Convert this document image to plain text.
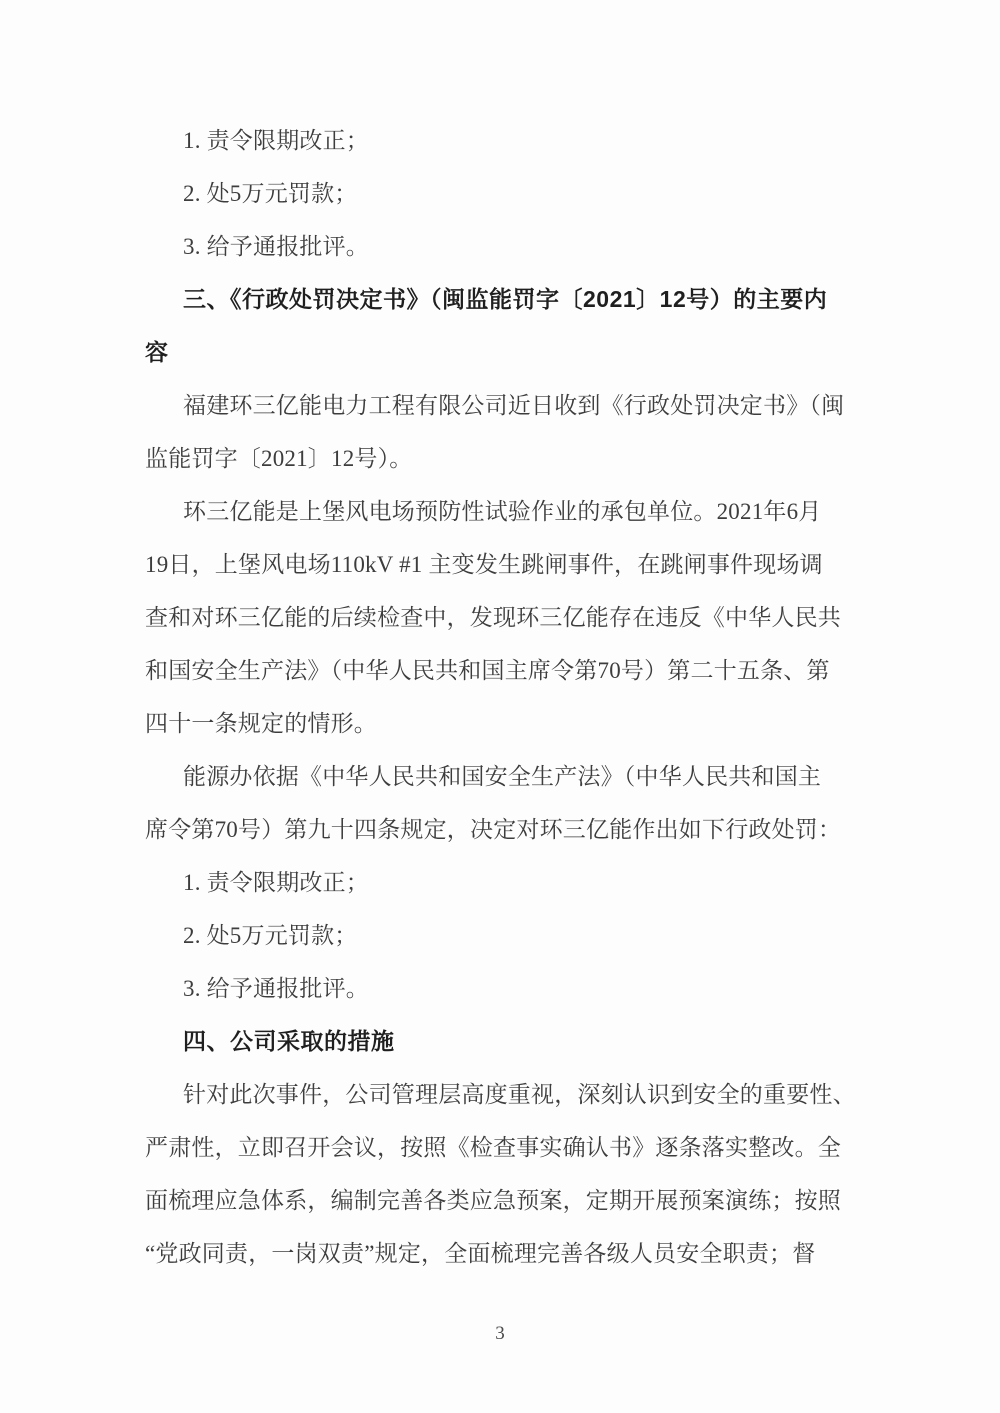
1. 责令限期改正；
2. 处5万元罚款；
3. 给予通报批评。
三、《行政处罚决定书》（闽监能罚字〔2021〕12号）的主要内
容
福建环三亿能电力工程有限公司近日收到《行政处罚决定书》（闽
监能罚字〔2021〕12号）。
环三亿能是上堡风电场预防性试验作业的承包单位。2021年6月
19日，上堡风电场110kV #1 主变发生跳闸事件，在跳闸事件现场调
查和对环三亿能的后续检查中，发现环三亿能存在违反《中华人民共
和国安全生产法》（中华人民共和国主席令第70号）第二十五条、第
四十一条规定的情形。
能源办依据《中华人民共和国安全生产法》（中华人民共和国主
席令第70号）第九十四条规定，决定对环三亿能作出如下行政处罚：
1. 责令限期改正；
2. 处5万元罚款；
3. 给予通报批评。
四、公司采取的措施
针对此次事件，公司管理层高度重视，深刻认识到安全的重要性、
严肃性，立即召开会议，按照《检查事实确认书》逐条落实整改。全
面梳理应急体系，编制完善各类应急预案，定期开展预案演练；按照
“党政同责，一岗双责”规定，全面梳理完善各级人员安全职责；督
3
